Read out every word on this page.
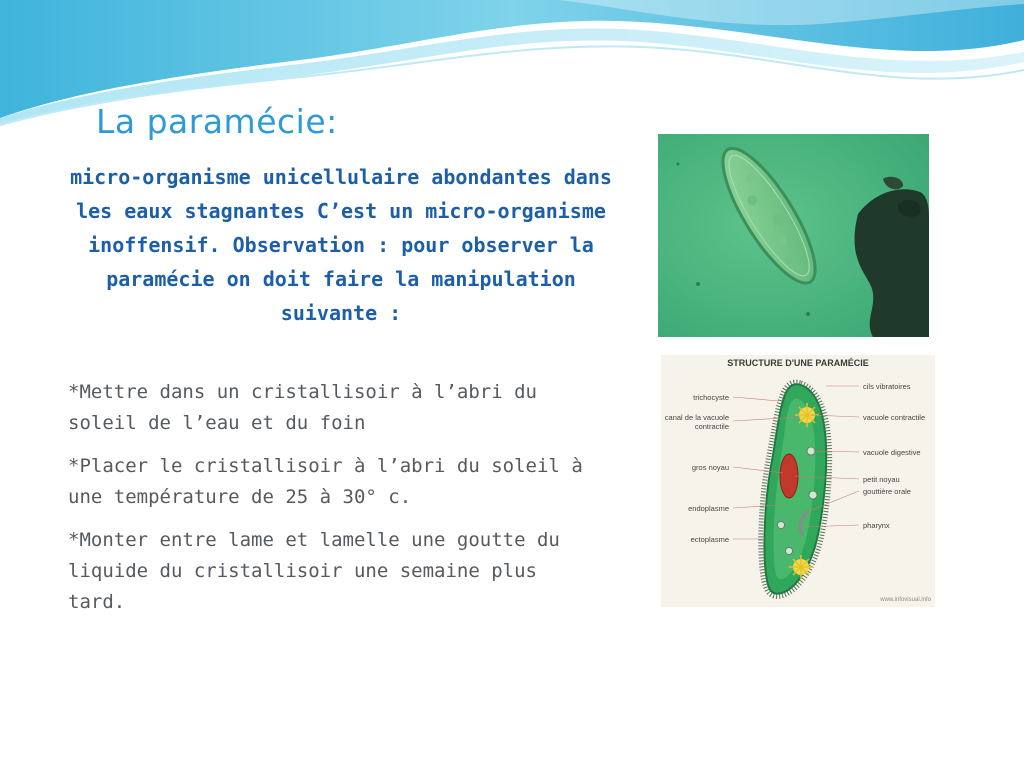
La paramécie:

micro-organisme unicellulaire abondantes dans les eaux stagnantes C’est un micro-organisme inoffensif. Observation : pour observer la paramécie on doit faire la manipulation suivante :

*Mettre dans un cristallisoir à l’abri du soleil de l’eau et du foin
*Placer le cristallisoir à l’abri du soleil à une température de 25 à 30° c.
*Monter entre lame et lamelle une goutte du liquide du cristallisoir une semaine plus tard.
STRUCTURE D'UNE PARAMÉCIE
cils vibratoires
vacuole contractile
vacuole digestive
petit noyau
gouttière orale
pharynx
trichocyste
canal de la vacuole contractile
gros noyau
endoplasme
ectoplasme
www.infovisual.info
